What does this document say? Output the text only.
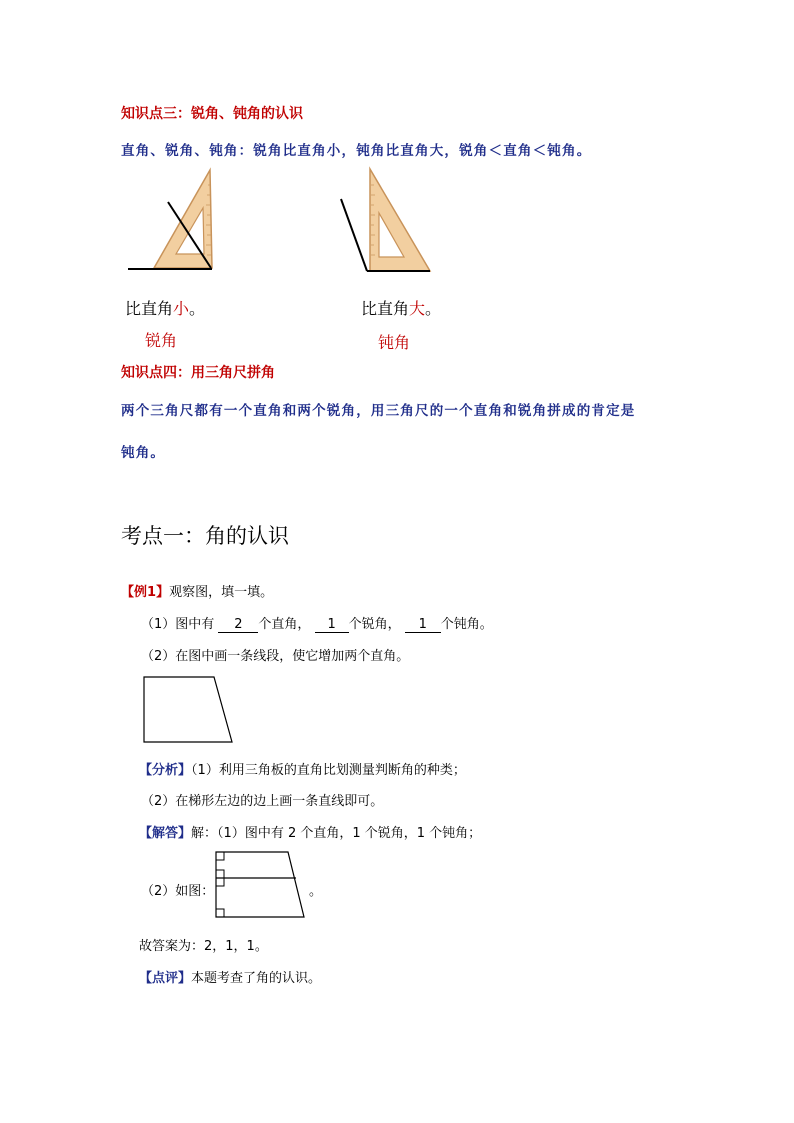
知识点三：锐角、钝角的认识
直角、锐角、钝角：锐角比直角小，钝角比直角大，锐角＜直角＜钝角。
比直角小。
锐角
比直角大。
钝角
知识点四：用三角尺拼角
两个三角尺都有一个直角和两个锐角，用三角尺的一个直角和锐角拼成的肯定是
钝角。
考点一：角的认识
【例1】观察图，填一填。
（1）图中有 2 个直角， 1 个锐角， 1 个钝角。
（2）在图中画一条线段，使它增加两个直角。
【分析】（1）利用三角板的直角比划测量判断角的种类；
（2）在梯形左边的边上画一条直线即可。
【解答】解：（1）图中有 2 个直角，1 个锐角，1 个钝角；
（2）如图：	。
故答案为：2，1，1。
【点评】本题考查了角的认识。
